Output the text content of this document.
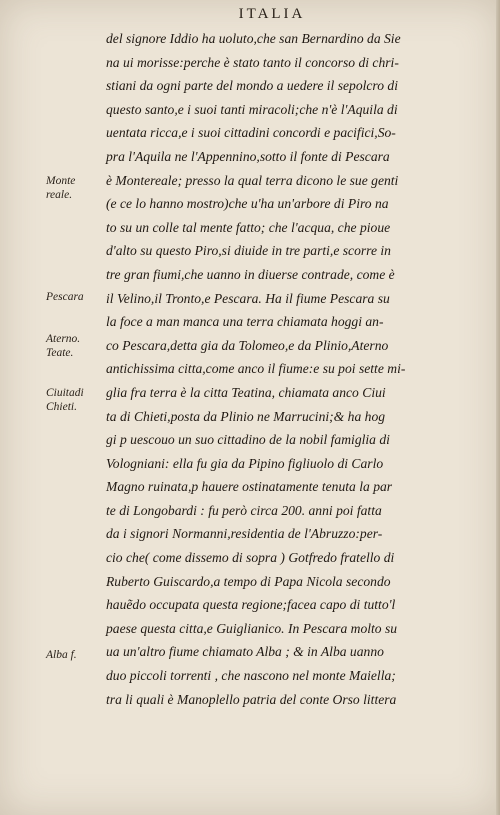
ITALIA
del signore Iddio ha uoluto,che san Bernardino da Sie
na ui morisse:perche è stato tanto il concorso di chri-
stiani da ogni parte del mondo a uedere il sepolcro di
questo santo,e i suoi tanti miracoli;che n'è l'Aquila di
uentata ricca,e i suoi cittadini concordi e pacifici,So-
pra l'Aquila ne l'Appennino,sotto il fonte di Pescara
è Montereale; presso la qual terra dicono le sue genti
(e ce lo hanno mostro)che u'ha un'arbore di Piro na
to su un colle tal mente fatto; che l'acqua, che pioue
d'alto su questo Piro,si diuide in tre parti,e scorre in
tre gran fiumi,che uanno in diuerse contrade, come è
il Velino,il Tronto,e Pescara. Ha il fiume Pescara su
la foce a man manca una terra chiamata hoggi an-
co Pescara,detta gia da Tolomeo,e da Plinio,Aterno
antichissima citta,come anco il fiume:e su poi sette mi-
glia fra terra è la citta Teatina, chiamata anco Ciui
ta di Chieti,posta da Plinio ne Marrucini;& ha hog
gi p uescouo un suo cittadino de la nobil famiglia di
Vologniani: ella fu gia da Pipino figliuolo di Carlo
Magno ruinata,p hauere ostinatamente tenuta la par
te di Longobardi : fu però circa 200. anni poi fatta
da i signori Normanni,residentia de l'Abruzzo:per-
cio che( come dissemo di sopra ) Gotfredo fratello di
Ruberto Guiscardo,a tempo di Papa Nicola secondo
hauẽdo occupata questa regione;facea capo di tutto'l
paese questa citta,e Guiglianico. In Pescara molto su
ua un'altro fiume chiamato Alba ; & in Alba uanno
duo piccoli torrenti , che nascono nel monte Maiella;
tra li quali è Manoplello patria del conte Orso littera
Monte reale.
Pescara
Aterno. Teate.
Ciuitadi Chieti.
Alba f.
